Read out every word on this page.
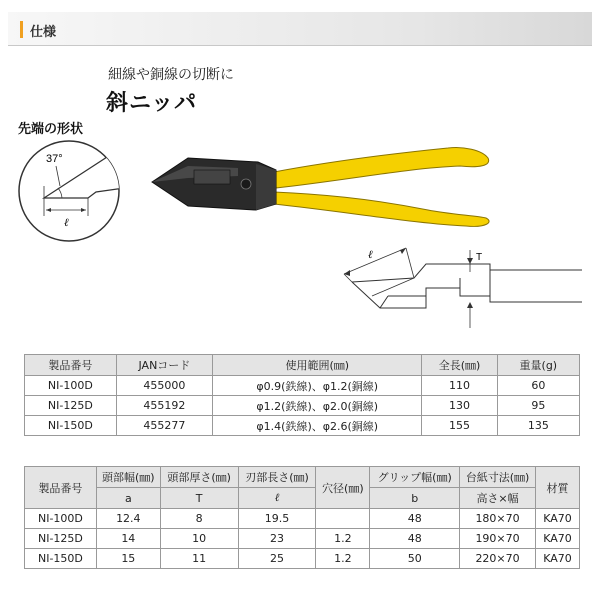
仕様
細線や銅線の切断に
斜ニッパ
先端の形状
37°
ℓ
ℓ	T
製品番号	JANコード	使用範囲(㎜)	全長(㎜)	重量(g)
NI-100D	455000	φ0.9(鉄線)、φ1.2(銅線)	110	60
NI-125D	455192	φ1.2(鉄線)、φ2.0(銅線)	130	95
NI-150D	455277	φ1.4(鉄線)、φ2.6(銅線)	155	135
製品番号	頭部幅(㎜)	頭部厚さ(㎜)	刃部長さ(㎜)	穴径(㎜)	グリップ幅(㎜)	台紙寸法(㎜)	材質
	a	T	ℓ		b	高さ×幅	
NI-100D	12.4	8	19.5		48	180×70	KA70
NI-125D	14	10	23	1.2	48	190×70	KA70
NI-150D	15	11	25	1.2	50	220×70	KA70
